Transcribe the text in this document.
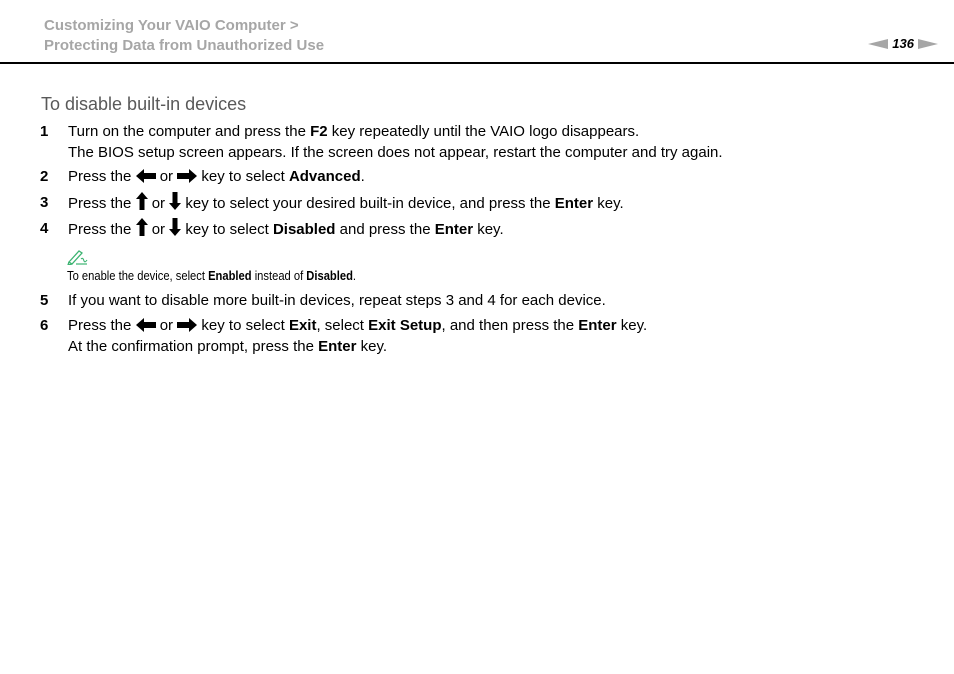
Customizing Your VAIO Computer >
Protecting Data from Unauthorized Use	136
To disable built-in devices
1 Turn on the computer and press the F2 key repeatedly until the VAIO logo disappears.
The BIOS setup screen appears. If the screen does not appear, restart the computer and try again.
2 Press the  or  key to select Advanced.
3 Press the  or  key to select your desired built-in device, and press the Enter key.
4 Press the  or  key to select Disabled and press the Enter key.
To enable the device, select Enabled instead of Disabled.
5 If you want to disable more built-in devices, repeat steps 3 and 4 for each device.
6 Press the  or  key to select Exit, select Exit Setup, and then press the Enter key.
At the confirmation prompt, press the Enter key.
